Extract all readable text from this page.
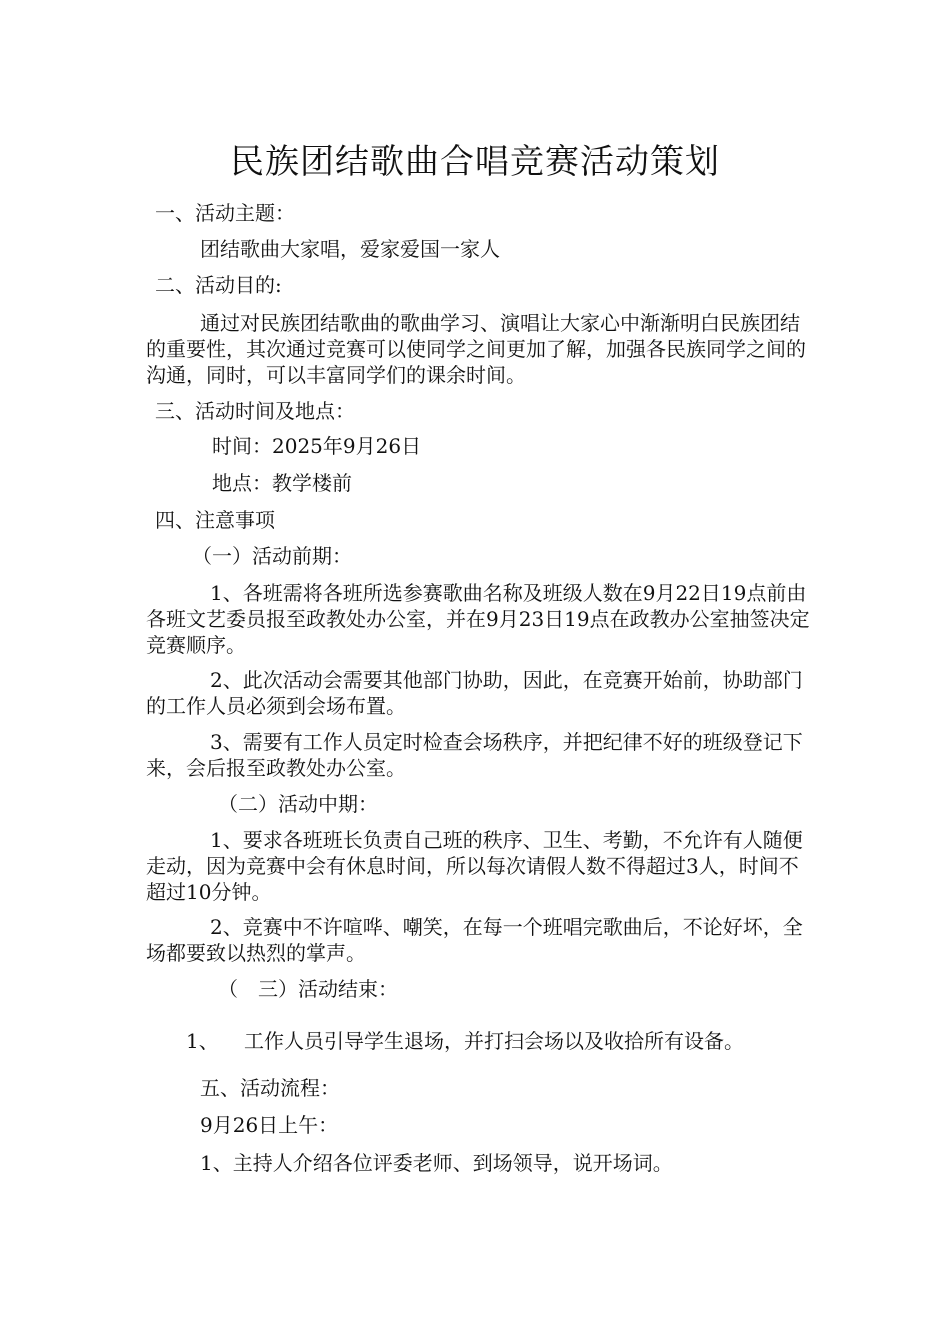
民族团结歌曲合唱竞赛活动策划
一、活动主题：
团结歌曲大家唱，爱家爱国一家人
二、活动目的:
通过对民族团结歌曲的歌曲学习、演唱让大家心中渐渐明白民族团结的重要性，其次通过竞赛可以使同学之间更加了解，加强各民族同学之间的沟通，同时，可以丰富同学们的课余时间。
三、活动时间及地点：
时间：2025年9月26日
地点：教学楼前
四、注意事项
（一）活动前期：
1、各班需将各班所选参赛歌曲名称及班级人数在9月22日19点前由各班文艺委员报至政教处办公室，并在9月23日19点在政教办公室抽签决定竞赛顺序。
2、此次活动会需要其他部门协助，因此，在竞赛开始前，协助部门的工作人员必须到会场布置。
3、需要有工作人员定时检查会场秩序，并把纪律不好的班级登记下来，会后报至政教处办公室。
（二）活动中期：
1、要求各班班长负责自己班的秩序、卫生、考勤，不允许有人随便走动，因为竞赛中会有休息时间，所以每次请假人数不得超过3人，时间不超过10分钟。
2、竞赛中不许喧哗、嘲笑，在每一个班唱完歌曲后，不论好坏，全场都要致以热烈的掌声。
（　三）活动结束：
1、 工作人员引导学生退场，并打扫会场以及收拾所有设备。
五、活动流程：
9月26日上午：
1、主持人介绍各位评委老师、到场领导，说开场词。
